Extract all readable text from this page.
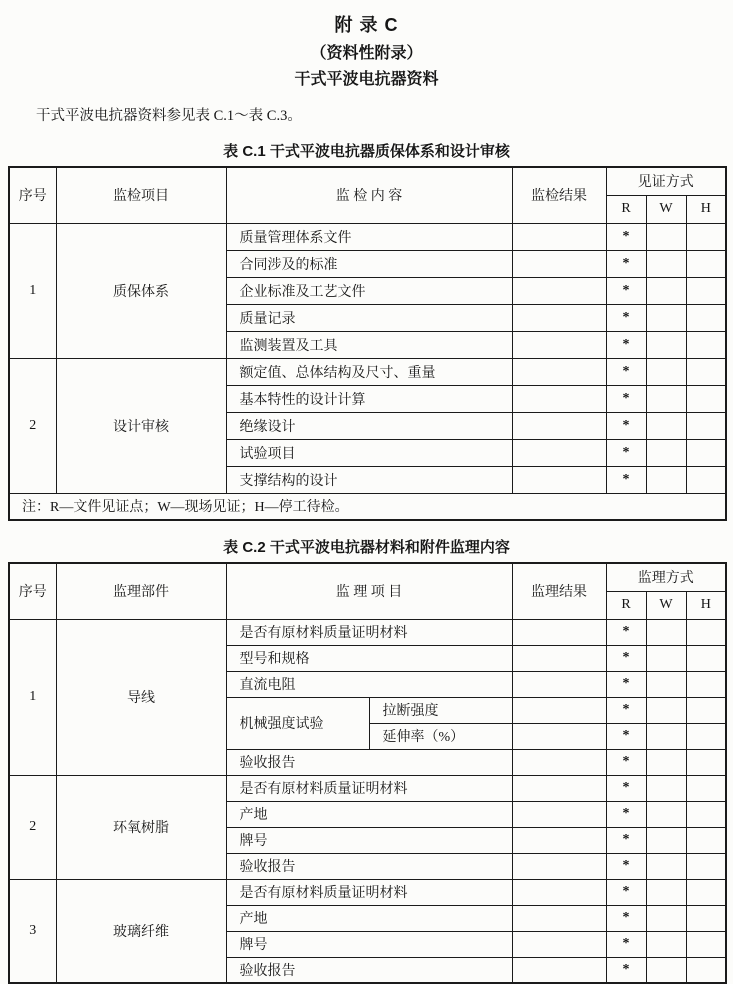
附 录 C
（资料性附录）
干式平波电抗器资料

干式平波电抗器资料参见表 C.1～表 C.3。

表 C.1 干式平波电抗器质保体系和设计审核
序号	监检项目	监 检 内 容	监检结果	见证方式		
				R	W	H
1	质保体系	质量管理体系文件		*		
		合同涉及的标准		*		
		企业标准及工艺文件		*		
		质量记录		*		
		监测装置及工具		*		
2	设计审核	额定值、总体结构及尺寸、重量		*		
		基本特性的设计计算		*		
		绝缘设计		*		
		试验项目		*		
		支撑结构的设计		*		
注：R—文件见证点；W—现场见证；H—停工待检。						
表 C.2 干式平波电抗器材料和附件监理内容
序号	监理部件	监 理 项 目		监理结果	监理方式		
					R	W	H
1	导线	是否有原材料质量证明材料			*		
		型号和规格			*		
		直流电阻			*		
		机械强度试验	拉断强度		*		
			延伸率（%）		*		
		验收报告			*		
2	环氧树脂	是否有原材料质量证明材料			*		
		产地			*		
		牌号			*		
		验收报告			*		
3	玻璃纤维	是否有原材料质量证明材料			*		
		产地			*		
		牌号			*		
		验收报告			*		
